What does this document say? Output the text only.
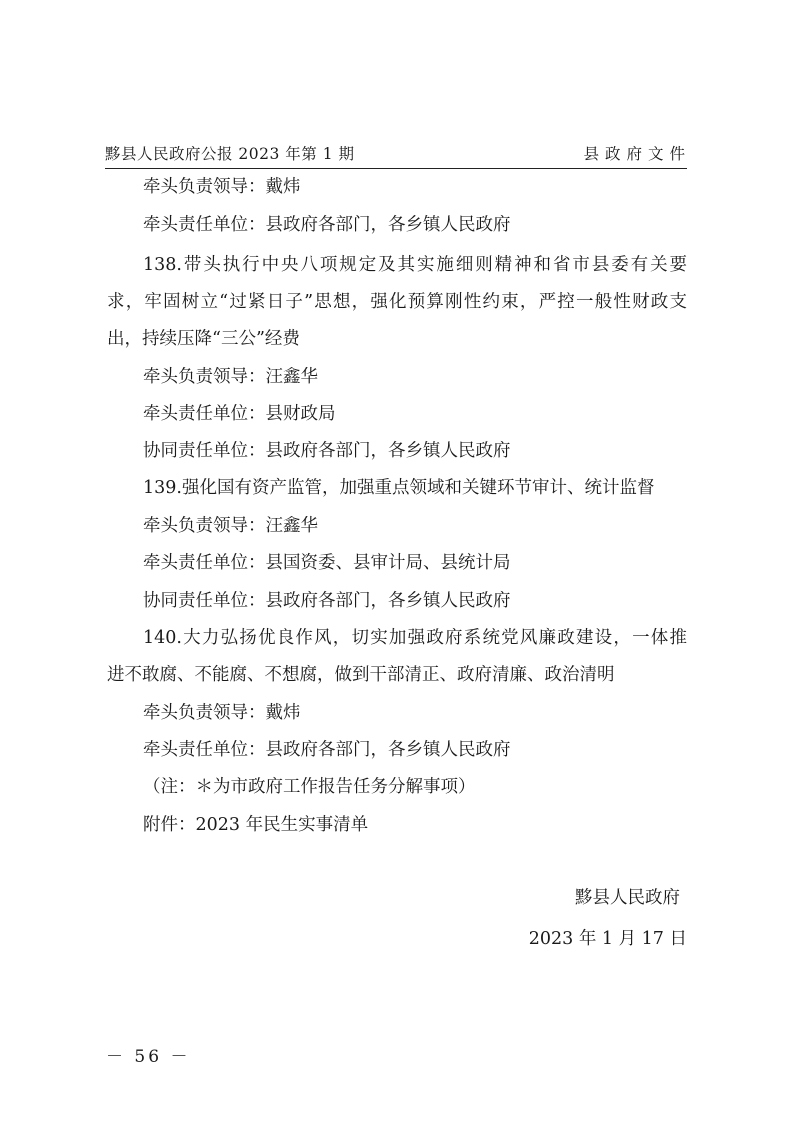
黟县人民政府公报 2023 年第 1 期	县政府文件
牵头负责领导：戴炜
牵头责任单位：县政府各部门，各乡镇人民政府
138.带头执行中央八项规定及其实施细则精神和省市县委有关要
求，牢固树立“过紧日子”思想，强化预算刚性约束，严控一般性财政支
出，持续压降“三公”经费
牵头负责领导：汪鑫华
牵头责任单位：县财政局
协同责任单位：县政府各部门，各乡镇人民政府
139.强化国有资产监管，加强重点领域和关键环节审计、统计监督
牵头负责领导：汪鑫华
牵头责任单位：县国资委、县审计局、县统计局
协同责任单位：县政府各部门，各乡镇人民政府
140.大力弘扬优良作风，切实加强政府系统党风廉政建设，一体推
进不敢腐、不能腐、不想腐，做到干部清正、政府清廉、政治清明
牵头负责领导：戴炜
牵头责任单位：县政府各部门，各乡镇人民政府
（注：＊为市政府工作报告任务分解事项）
附件：2023 年民生实事清单
黟县人民政府
2023 年 1 月 17 日
－ 56 －
